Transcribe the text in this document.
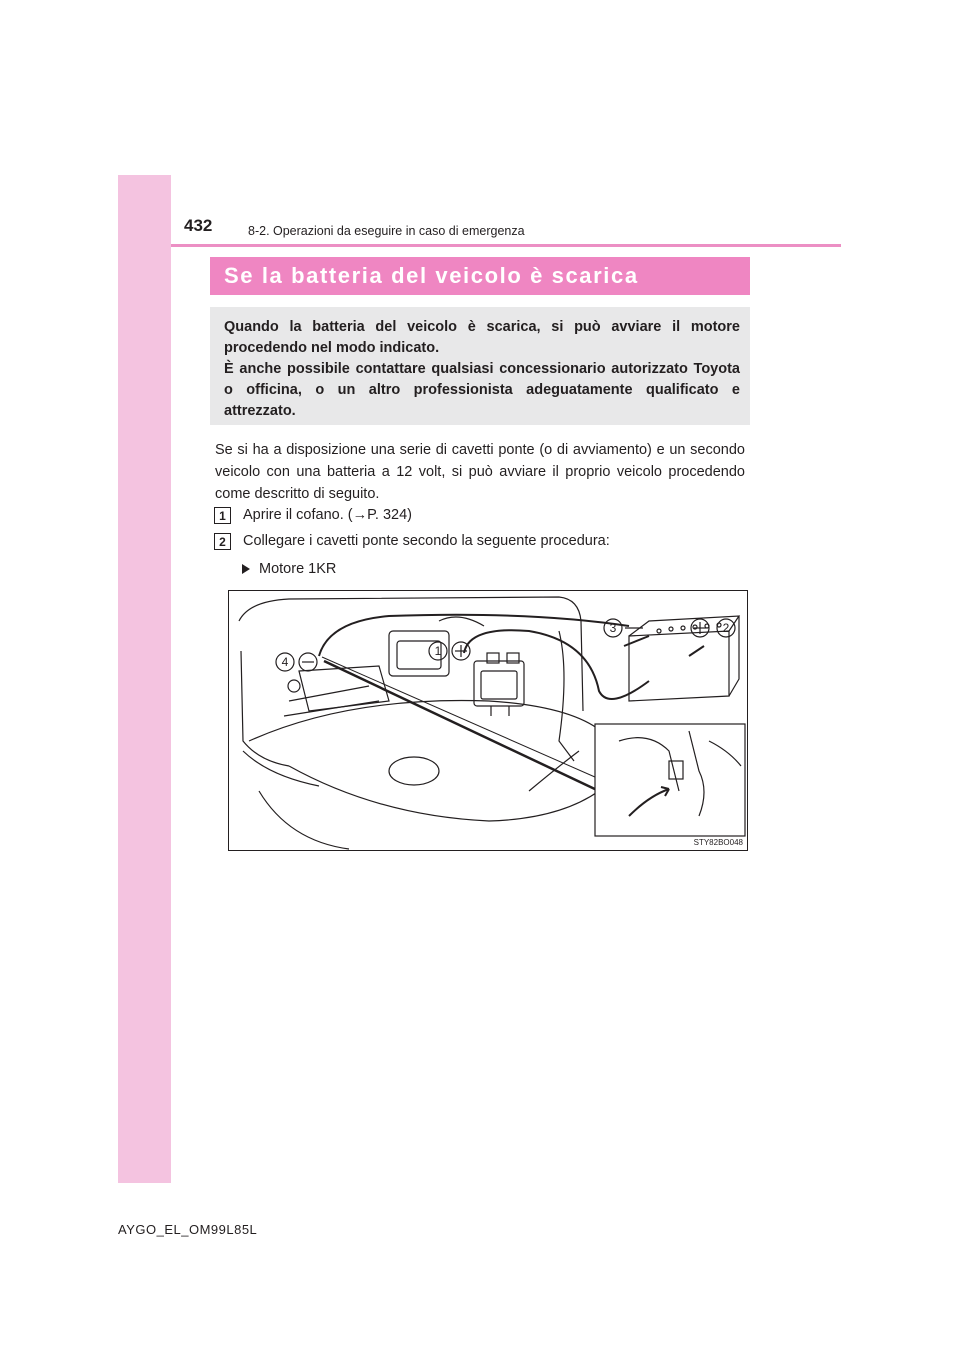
432	8-2. Operazioni da eseguire in caso di emergenza
Se la batteria del veicolo è scarica

Quando la batteria del veicolo è scarica, si può avviare il motore procedendo nel modo indicato.

È anche possibile contattare qualsiasi concessionario autorizzato Toyota o officina, o un altro professionista adeguatamente qualificato e attrezzato.

Se si ha a disposizione una serie di cavetti ponte (o di avviamento) e un secondo veicolo con una batteria a 12 volt, si può avviare il proprio veicolo procedendo come descritto di seguito.

1	Aprire il cofano. (→P. 324)
2	Collegare i cavetti ponte secondo la seguente procedura:
Motore 1KR
1
2
3
4
STY82BO048
AYGO_EL_OM99L85L
